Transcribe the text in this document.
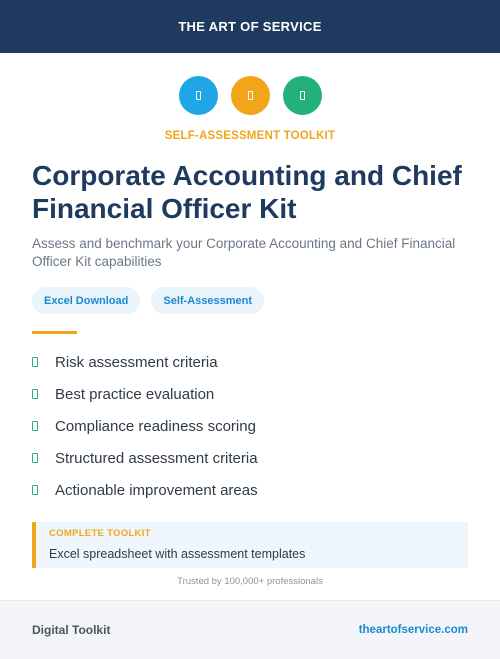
THE ART OF SERVICE
SELF-ASSESSMENT TOOLKIT
Corporate Accounting and Chief Financial Officer Kit
Assess and benchmark your Corporate Accounting and Chief Financial Officer Kit capabilities
Excel Download	Self-Assessment
Risk assessment criteria
Best practice evaluation
Compliance readiness scoring
Structured assessment criteria
Actionable improvement areas
COMPLETE TOOLKIT
Excel spreadsheet with assessment templates
Trusted by 100,000+ professionals
Digital Toolkit	theartofservice.com
